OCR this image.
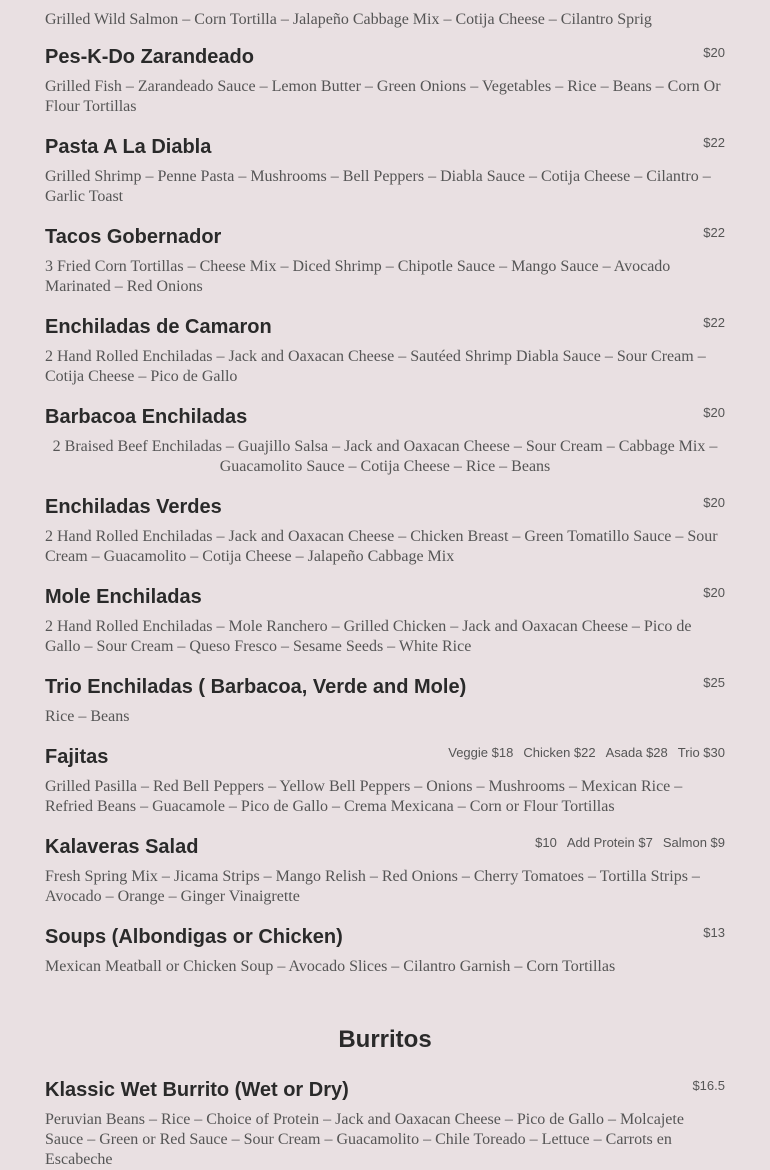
Grilled Wild Salmon – Corn Tortilla – Jalapeño Cabbage Mix – Cotija Cheese – Cilantro Sprig
Pes-K-Do Zarandeado	$20
Grilled Fish – Zarandeado Sauce – Lemon Butter – Green Onions – Vegetables – Rice – Beans – Corn Or Flour Tortillas
Pasta A La Diabla	$22
Grilled Shrimp – Penne Pasta – Mushrooms – Bell Peppers – Diabla Sauce – Cotija Cheese – Cilantro – Garlic Toast
Tacos Gobernador	$22
3 Fried Corn Tortillas – Cheese Mix – Diced Shrimp – Chipotle Sauce – Mango Sauce – Avocado Marinated – Red Onions
Enchiladas de Camaron	$22
2 Hand Rolled Enchiladas – Jack and Oaxacan Cheese – Sautéed Shrimp Diabla Sauce – Sour Cream – Cotija Cheese – Pico de Gallo
Barbacoa Enchiladas	$20
2 Braised Beef Enchiladas – Guajillo Salsa – Jack and Oaxacan Cheese – Sour Cream – Cabbage Mix – Guacamolito Sauce – Cotija Cheese – Rice – Beans
Enchiladas Verdes	$20
2 Hand Rolled Enchiladas – Jack and Oaxacan Cheese – Chicken Breast – Green Tomatillo Sauce – Sour Cream – Guacamolito – Cotija Cheese – Jalapeño Cabbage Mix
Mole Enchiladas	$20
2 Hand Rolled Enchiladas – Mole Ranchero – Grilled Chicken – Jack and Oaxacan Cheese – Pico de Gallo – Sour Cream – Queso Fresco – Sesame Seeds – White Rice
Trio Enchiladas ( Barbacoa, Verde and Mole)	$25
Rice – Beans
Fajitas	Veggie $18 Chicken $22 Asada $28 Trio $30
Grilled Pasilla – Red Bell Peppers – Yellow Bell Peppers – Onions – Mushrooms – Mexican Rice – Refried Beans – Guacamole – Pico de Gallo – Crema Mexicana – Corn or Flour Tortillas
Kalaveras Salad	$10 Add Protein $7 Salmon $9
Fresh Spring Mix – Jicama Strips – Mango Relish – Red Onions – Cherry Tomatoes – Tortilla Strips – Avocado – Orange – Ginger Vinaigrette
Soups (Albondigas or Chicken)	$13
Mexican Meatball or Chicken Soup – Avocado Slices – Cilantro Garnish – Corn Tortillas
Burritos
Klassic Wet Burrito (Wet or Dry)	$16.5
Peruvian Beans – Rice – Choice of Protein – Jack and Oaxacan Cheese – Pico de Gallo – Molcajete Sauce – Green or Red Sauce – Sour Cream – Guacamolito – Chile Toreado – Lettuce – Carrots en Escabeche
